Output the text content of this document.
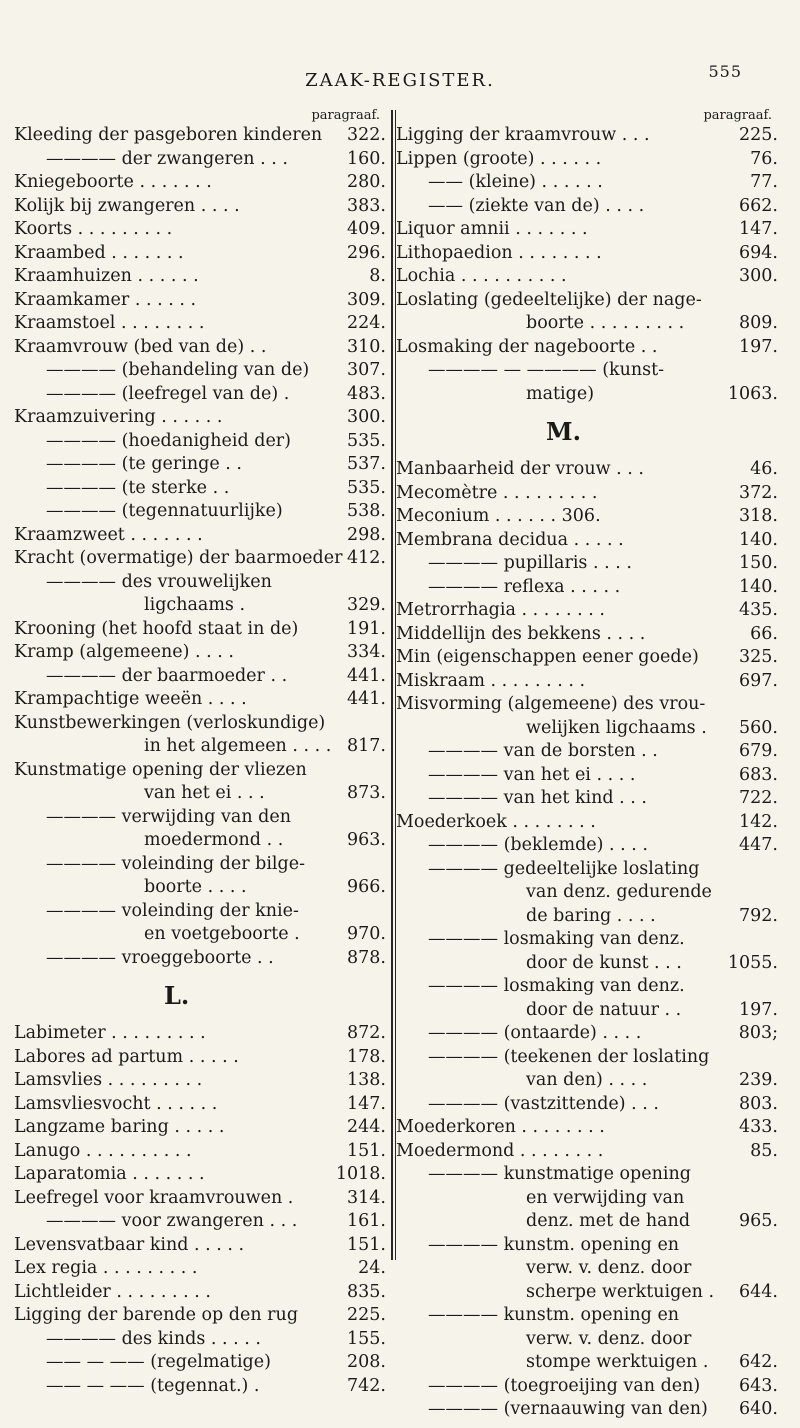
ZAAK-REGISTER.	555
paragraaf.
Kleeding der pasgeboren kinderen	322.
———— der zwangeren . . .	160.
Kniegeboorte . . . . . . .	280.
Kolijk bij zwangeren . . . .	383.
Koorts . . . . . . . . .	409.
Kraambed . . . . . . .	296.
Kraamhuizen . . . . . .	8.
Kraamkamer . . . . . .	309.
Kraamstoel . . . . . . . .	224.
Kraamvrouw (bed van de) . .	310.
———— (behandeling van de)	307.
———— (leefregel van de) .	483.
Kraamzuivering . . . . . .	300.
———— (hoedanigheid der)	535.
———— (te geringe . .	537.
———— (te sterke . .	535.
———— (tegennatuurlijke)	538.
Kraamzweet . . . . . . .	298.
Kracht (overmatige) der baarmoeder 412.
———— des vrouwelijken
ligchaams .	329.
Krooning (het hoofd staat in de)	191.
Kramp (algemeene) . . . .	334.
———— der baarmoeder . .	441.
Krampachtige weeën . . . .	441.
Kunstbewerkingen (verloskundige)
in het algemeen . . . . 817.
Kunstmatige opening der vliezen
van het ei . . .	873.
———— verwijding van den
moedermond . .	963.
———— voleinding der bilge-
boorte . . . .	966.
———— voleinding der knie-
en voetgeboorte .	970.
———— vroeggeboorte . .	878.
L.
Labimeter . . . . . . . . .	872.
Labores ad partum . . . . .	178.
Lamsvlies . . . . . . . . .	138.
Lamsvliesvocht . . . . . .	147.
Langzame baring . . . . .	244.
Lanugo . . . . . . . . . .	151.
Laparatomia . . . . . . .	1018.
Leefregel voor kraamvrouwen .	314.
———— voor zwangeren . . .	161.
Levensvatbaar kind . . . . .	151.
Lex regia . . . . . . . . .	24.
Lichtleider . . . . . . . . .	835.
Ligging der barende op den rug	225.
———— des kinds . . . . .	155.
—— — —— (regelmatige)	208.
—— — —— (tegennat.) .	742.
paragraaf.
Ligging der kraamvrouw . . .	225.
Lippen (groote) . . . . . .	76.
—— (kleine) . . . . . .	77.
—— (ziekte van de) . . . .	662.
Liquor amnii . . . . . . .	147.
Lithopaedion . . . . . . . .	694.
Lochia . . . . . . . . . .	300.
Loslating (gedeeltelijke) der nage-
boorte . . . . . . . . .	809.
Losmaking der nageboorte . .	197.
———— — ———— (kunst-
matige)	1063.
M.
Manbaarheid der vrouw . . .	46.
Mecomètre . . . . . . . . .	372.
Meconium . . . . . . 306.	318.
Membrana decidua . . . . .	140.
———— pupillaris . . . .	150.
———— reflexa . . . . .	140.
Metrorrhagia . . . . . . . .	435.
Middellijn des bekkens . . . .	66.
Min (eigenschappen eener goede)	325.
Miskraam . . . . . . . . .	697.
Misvorming (algemeene) des vrou-
welijken ligchaams .	560.
———— van de borsten . .	679.
———— van het ei . . . .	683.
———— van het kind . . .	722.
Moederkoek . . . . . . . .	142.
———— (beklemde) . . . .	447.
———— gedeeltelijke loslating
van denz. gedurende
de baring . . . .	792.
———— losmaking van denz.
door de kunst . . .	1055.
———— losmaking van denz.
door de natuur . .	197.
———— (ontaarde) . . . .	803;
———— (teekenen der loslating
van den) . . . .	239.
———— (vastzittende) . . .	803.
Moederkoren . . . . . . . .	433.
Moedermond . . . . . . . .	85.
———— kunstmatige opening
en verwijding van
denz. met de hand	965.
———— kunstm. opening en
verw. v. denz. door
scherpe werktuigen .	644.
———— kunstm. opening en
verw. v. denz. door
stompe werktuigen .	642.
———— (toegroeijing van den)	643.
———— (vernaauwing van den)	640.
